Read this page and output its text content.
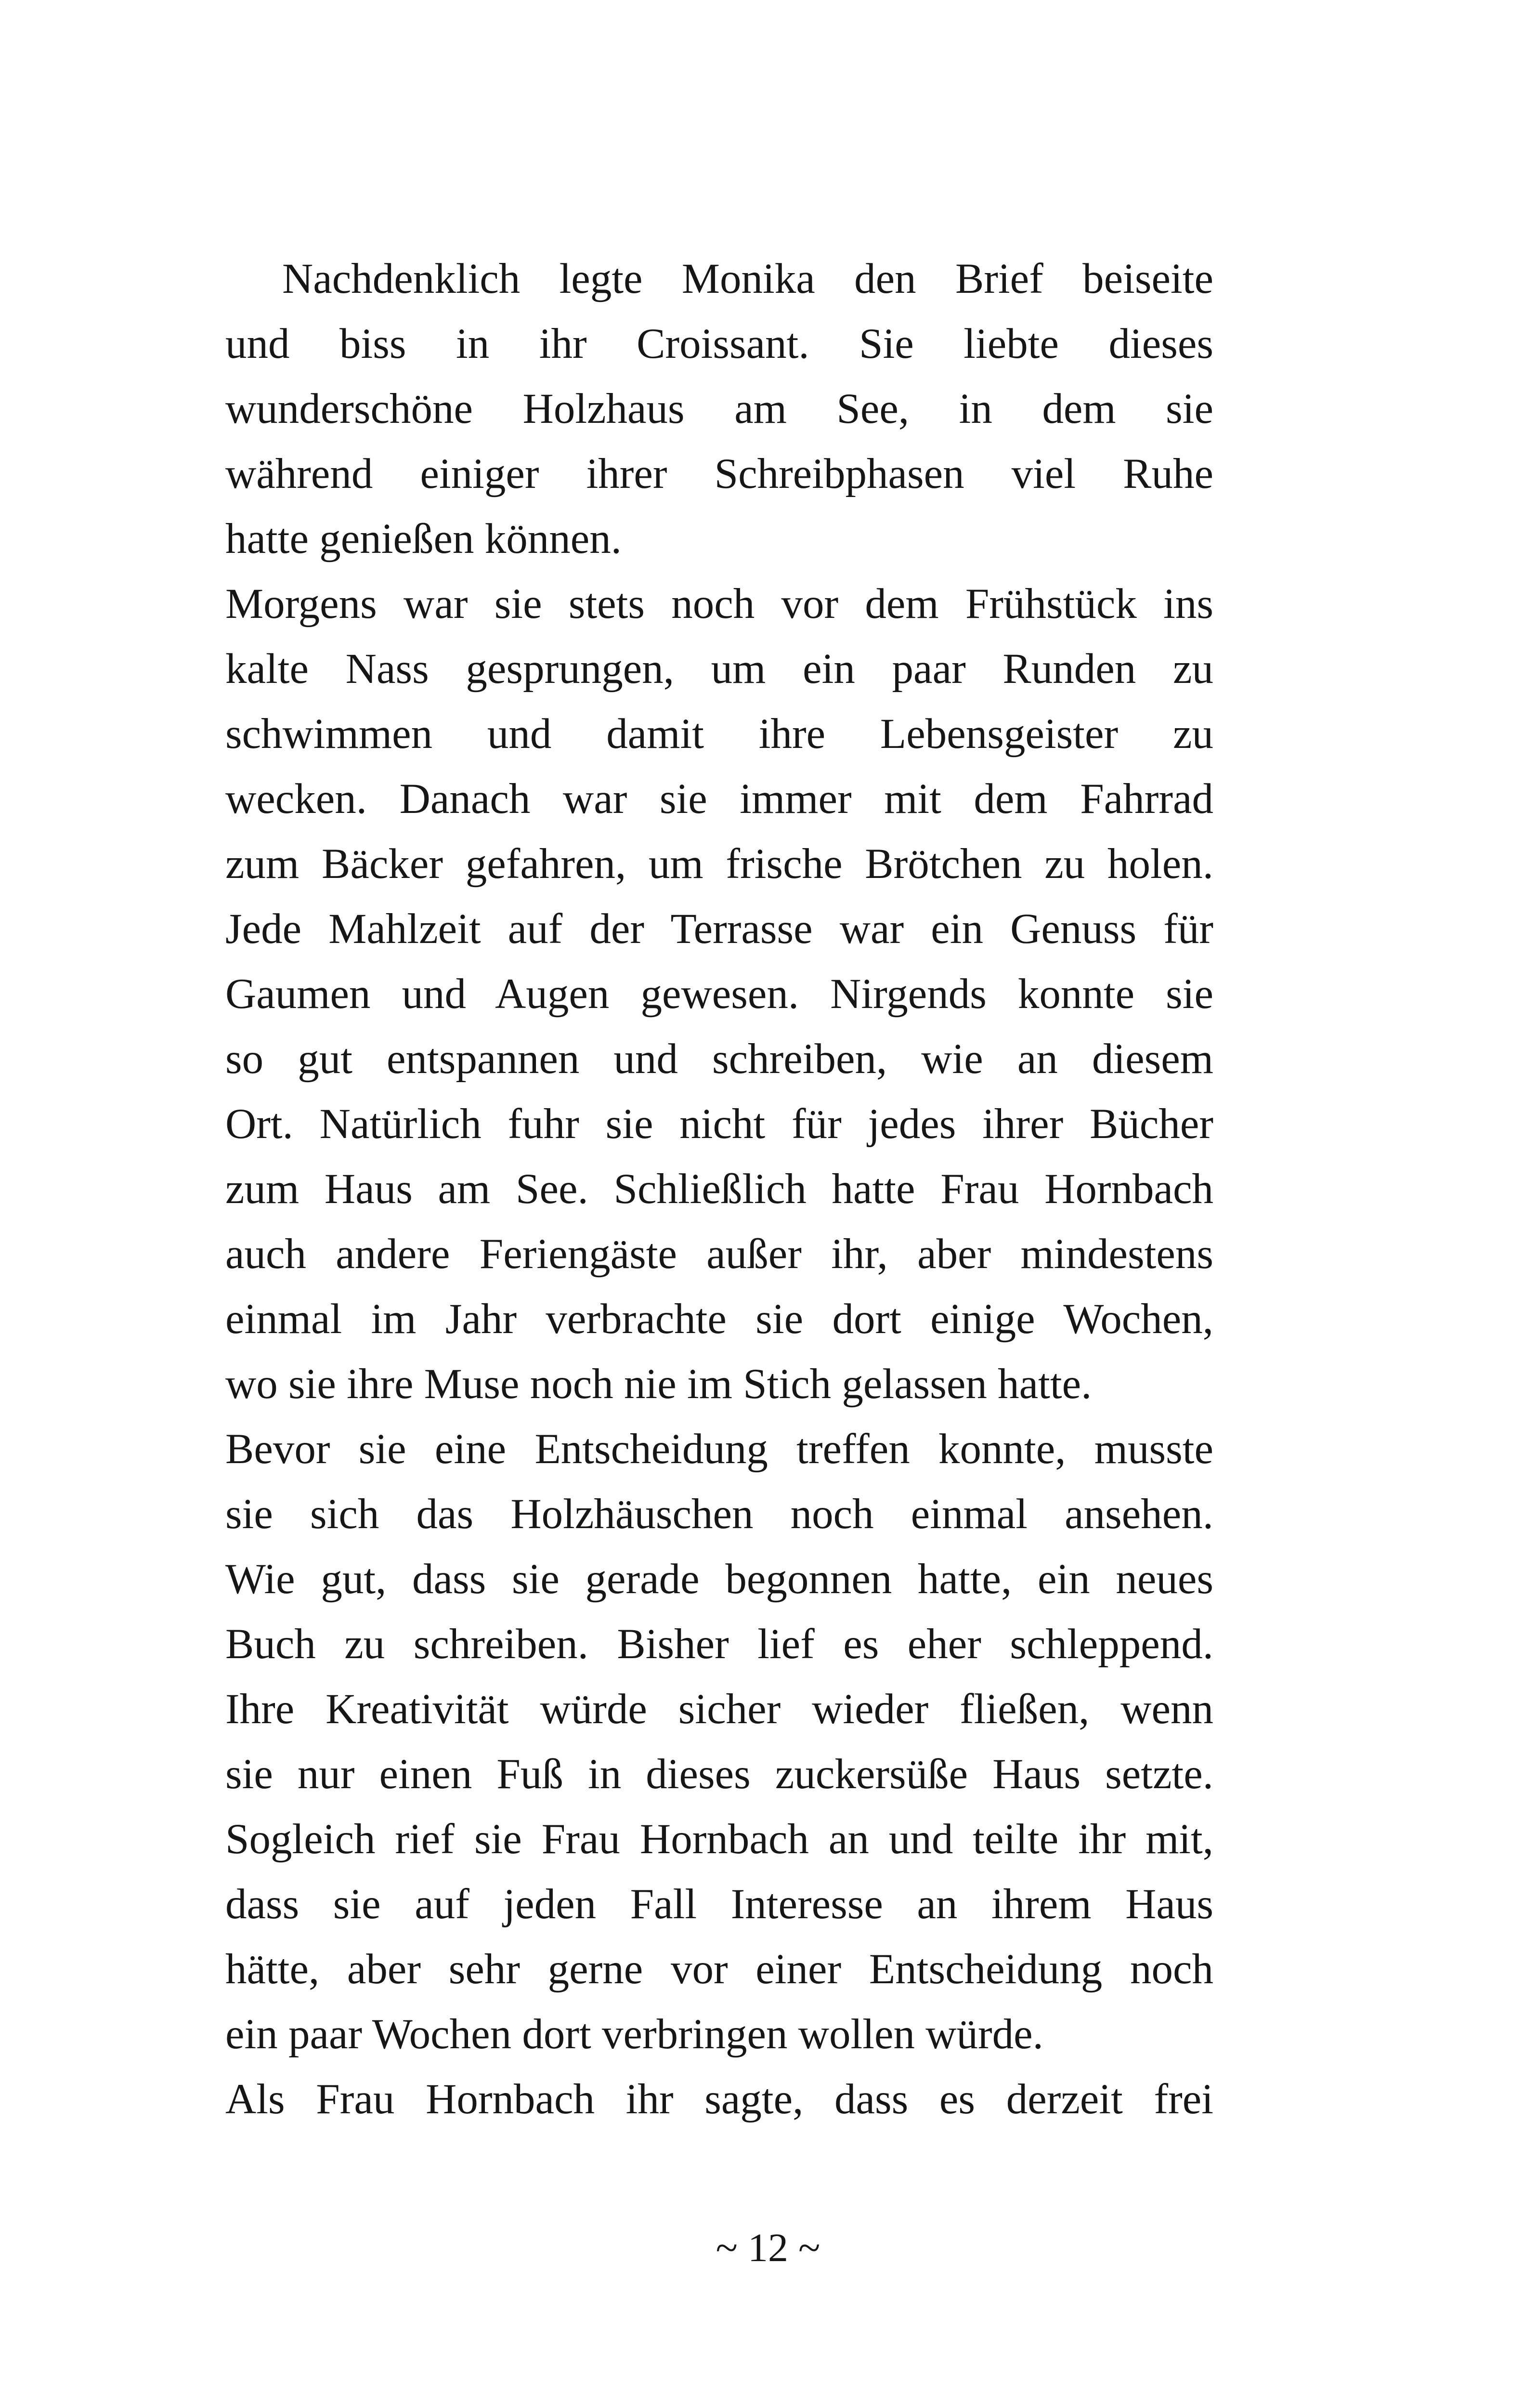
Nachdenklich legte Monika den Brief beiseite
und biss in ihr Croissant. Sie liebte dieses
wunderschöne Holzhaus am See, in dem sie
während einiger ihrer Schreibphasen viel Ruhe
hatte genießen können.
Morgens war sie stets noch vor dem Frühstück ins
kalte Nass gesprungen, um ein paar Runden zu
schwimmen und damit ihre Lebensgeister zu
wecken. Danach war sie immer mit dem Fahrrad
zum Bäcker gefahren, um frische Brötchen zu holen.
Jede Mahlzeit auf der Terrasse war ein Genuss für
Gaumen und Augen gewesen. Nirgends konnte sie
so gut entspannen und schreiben, wie an diesem
Ort. Natürlich fuhr sie nicht für jedes ihrer Bücher
zum Haus am See. Schließlich hatte Frau Hornbach
auch andere Feriengäste außer ihr, aber mindestens
einmal im Jahr verbrachte sie dort einige Wochen,
wo sie ihre Muse noch nie im Stich gelassen hatte.
Bevor sie eine Entscheidung treffen konnte, musste
sie sich das Holzhäuschen noch einmal ansehen.
Wie gut, dass sie gerade begonnen hatte, ein neues
Buch zu schreiben. Bisher lief es eher schleppend.
Ihre Kreativität würde sicher wieder fließen, wenn
sie nur einen Fuß in dieses zuckersüße Haus setzte.
Sogleich rief sie Frau Hornbach an und teilte ihr mit,
dass sie auf jeden Fall Interesse an ihrem Haus
hätte, aber sehr gerne vor einer Entscheidung noch
ein paar Wochen dort verbringen wollen würde.
Als Frau Hornbach ihr sagte, dass es derzeit frei
~ 12 ~
